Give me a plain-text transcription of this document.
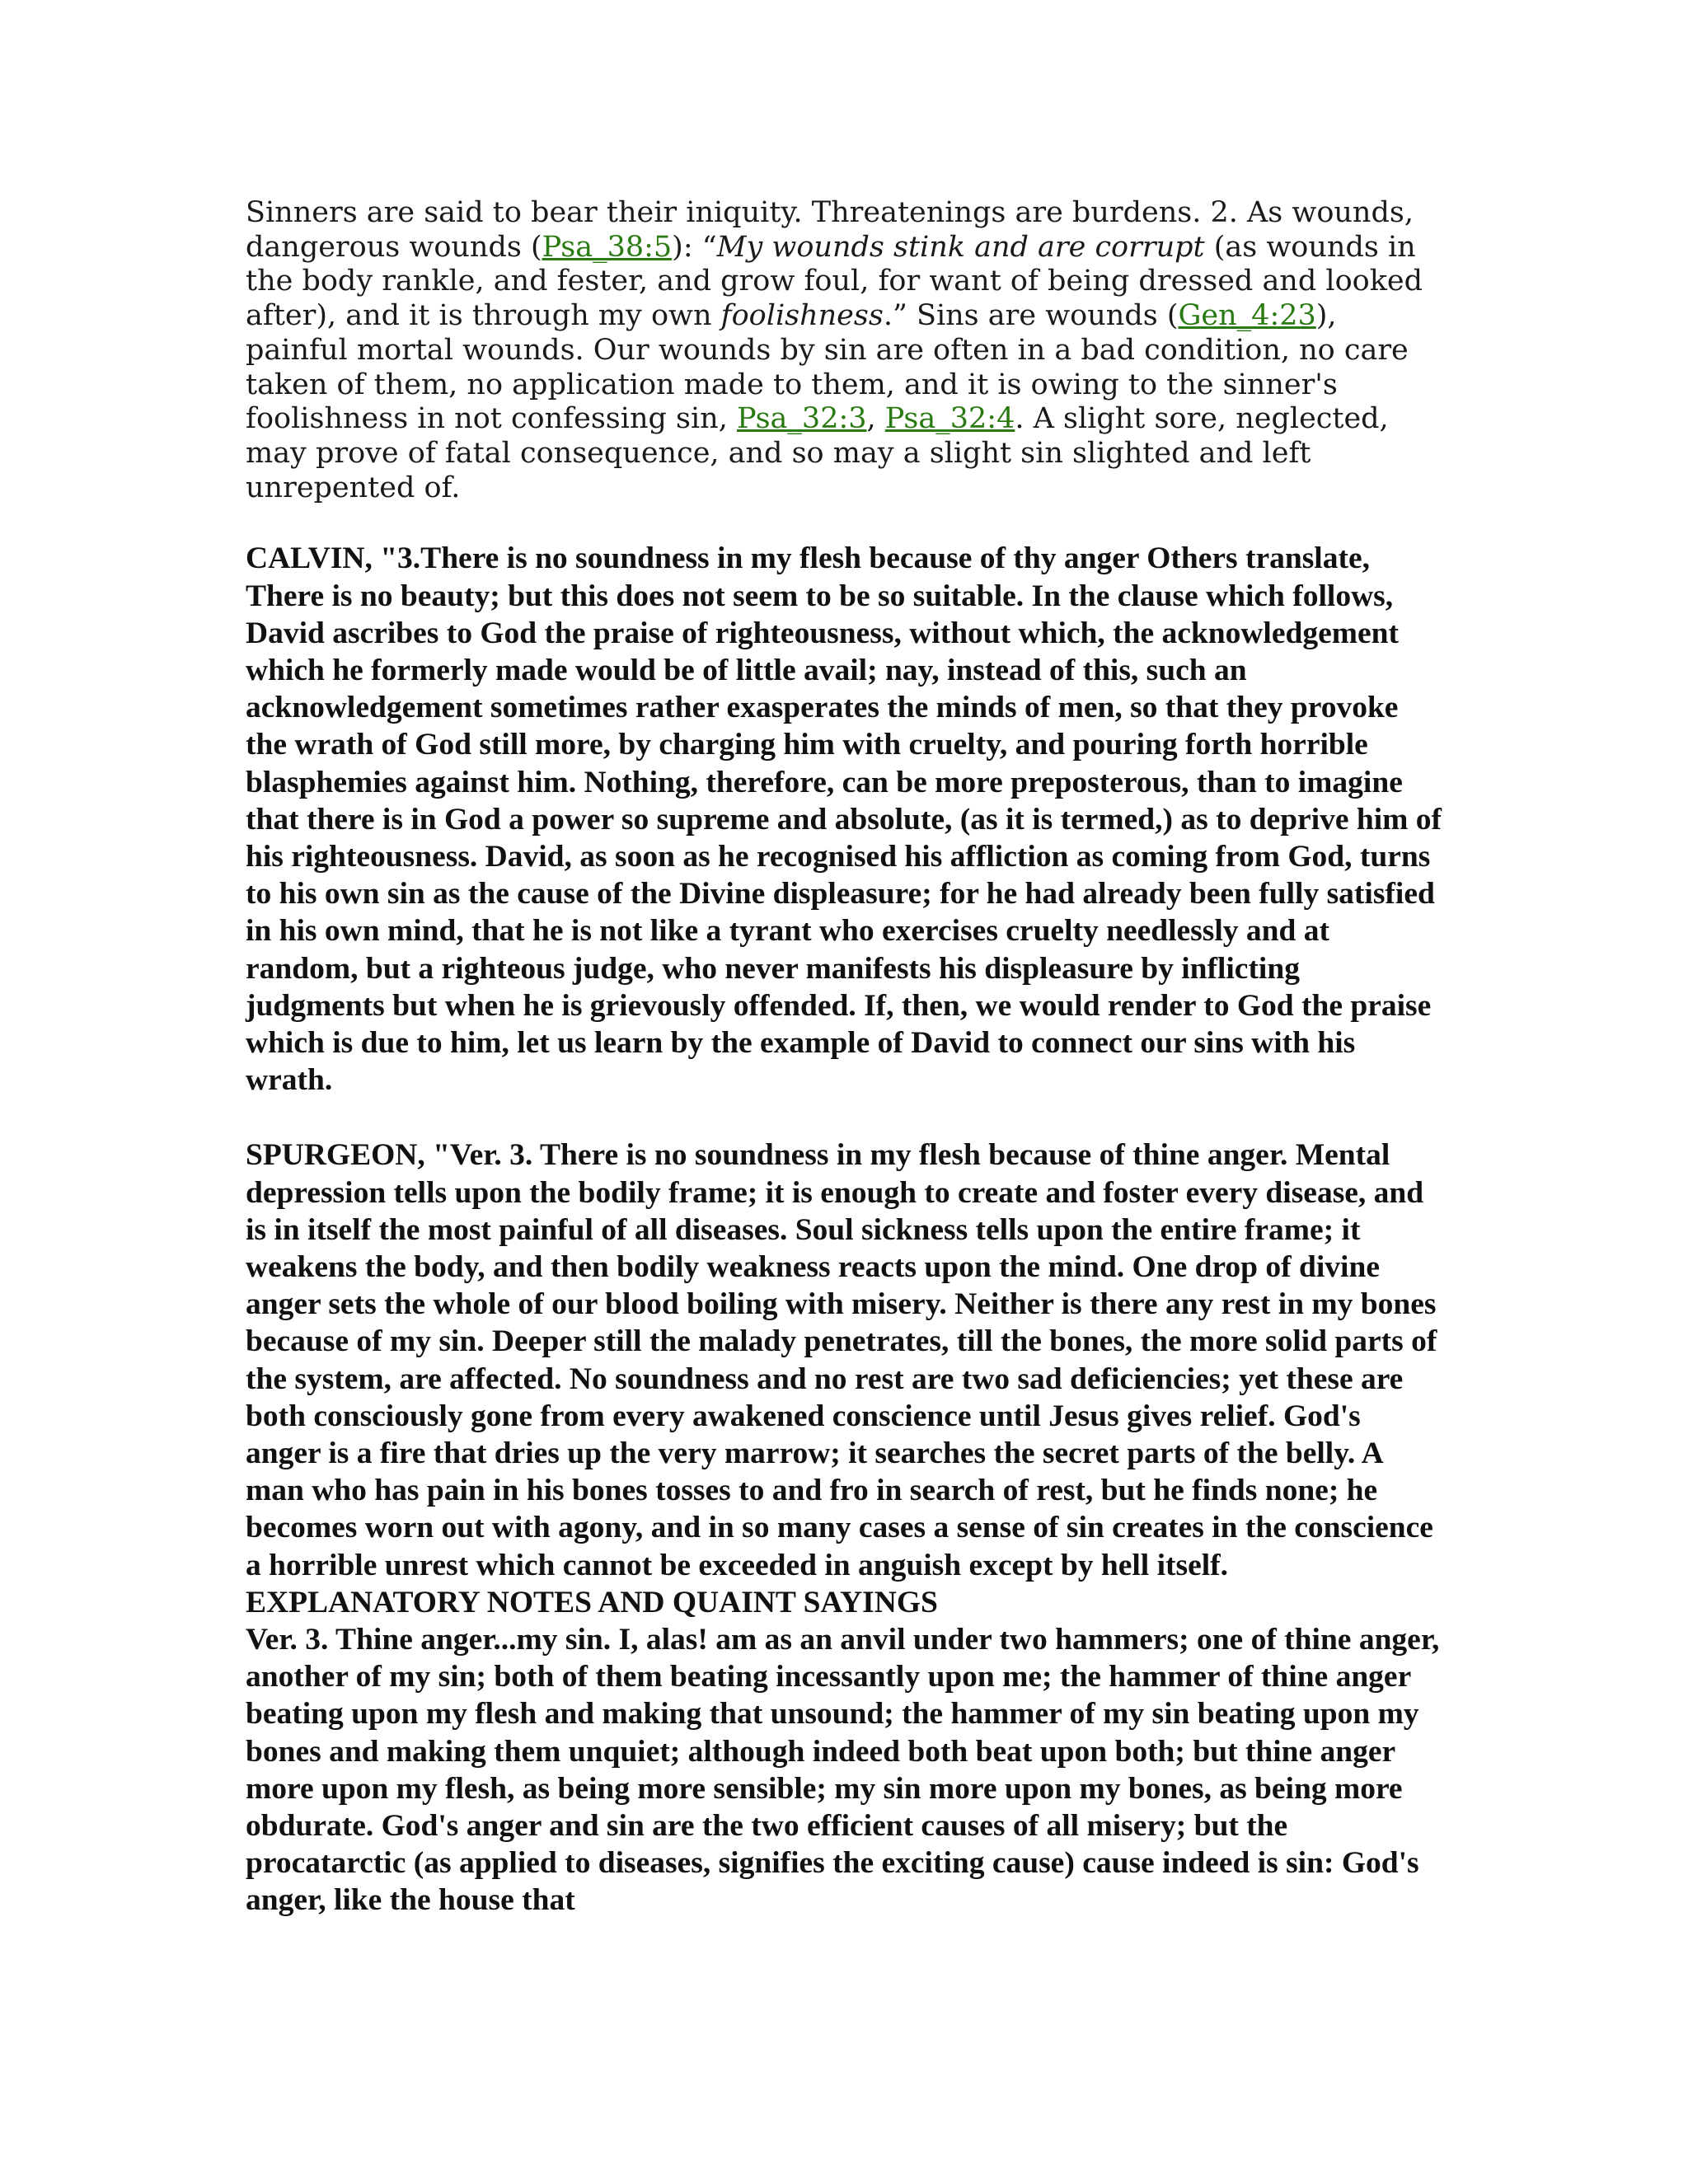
Sinners are said to bear their iniquity. Threatenings are burdens. 2. As wounds, dangerous wounds (Psa_38:5): “My wounds stink and are corrupt (as wounds in the body rankle, and fester, and grow foul, for want of being dressed and looked after), and it is through my own foolishness.” Sins are wounds (Gen_4:23), painful mortal wounds. Our wounds by sin are often in a bad condition, no care taken of them, no application made to them, and it is owing to the sinner's foolishness in not confessing sin, Psa_32:3, Psa_32:4. A slight sore, neglected, may prove of fatal consequence, and so may a slight sin slighted and left unrepented of.

CALVIN, "3.There is no soundness in my flesh because of thy anger Others translate, There is no beauty; but this does not seem to be so suitable. In the clause which follows, David ascribes to God the praise of righteousness, without which, the acknowledgement which he formerly made would be of little avail; nay, instead of this, such an acknowledgement sometimes rather exasperates the minds of men, so that they provoke the wrath of God still more, by charging him with cruelty, and pouring forth horrible blasphemies against him. Nothing, therefore, can be more preposterous, than to imagine that there is in God a power so supreme and absolute, (as it is termed,) as to deprive him of his righteousness. David, as soon as he recognised his affliction as coming from God, turns to his own sin as the cause of the Divine displeasure; for he had already been fully satisfied in his own mind, that he is not like a tyrant who exercises cruelty needlessly and at random, but a righteous judge, who never manifests his displeasure by inflicting judgments but when he is grievously offended. If, then, we would render to God the praise which is due to him, let us learn by the example of David to connect our sins with his wrath.

SPURGEON, "Ver. 3. There is no soundness in my flesh because of thine anger. Mental depression tells upon the bodily frame; it is enough to create and foster every disease, and is in itself the most painful of all diseases. Soul sickness tells upon the entire frame; it weakens the body, and then bodily weakness reacts upon the mind. One drop of divine anger sets the whole of our blood boiling with misery. Neither is there any rest in my bones because of my sin. Deeper still the malady penetrates, till the bones, the more solid parts of the system, are affected. No soundness and no rest are two sad deficiencies; yet these are both consciously gone from every awakened conscience until Jesus gives relief. God's anger is a fire that dries up the very marrow; it searches the secret parts of the belly. A man who has pain in his bones tosses to and fro in search of rest, but he finds none; he becomes worn out with agony, and in so many cases a sense of sin creates in the conscience a horrible unrest which cannot be exceeded in anguish except by hell itself.

EXPLANATORY NOTES AND QUAINT SAYINGS

Ver. 3. Thine anger...my sin. I, alas! am as an anvil under two hammers; one of thine anger, another of my sin; both of them beating incessantly upon me; the hammer of thine anger beating upon my flesh and making that unsound; the hammer of my sin beating upon my bones and making them unquiet; although indeed both beat upon both; but thine anger more upon my flesh, as being more sensible; my sin more upon my bones, as being more obdurate. God's anger and sin are the two efficient causes of all misery; but the procatarctic (as applied to diseases, signifies the exciting cause) cause indeed is sin: God's anger, like the house that
